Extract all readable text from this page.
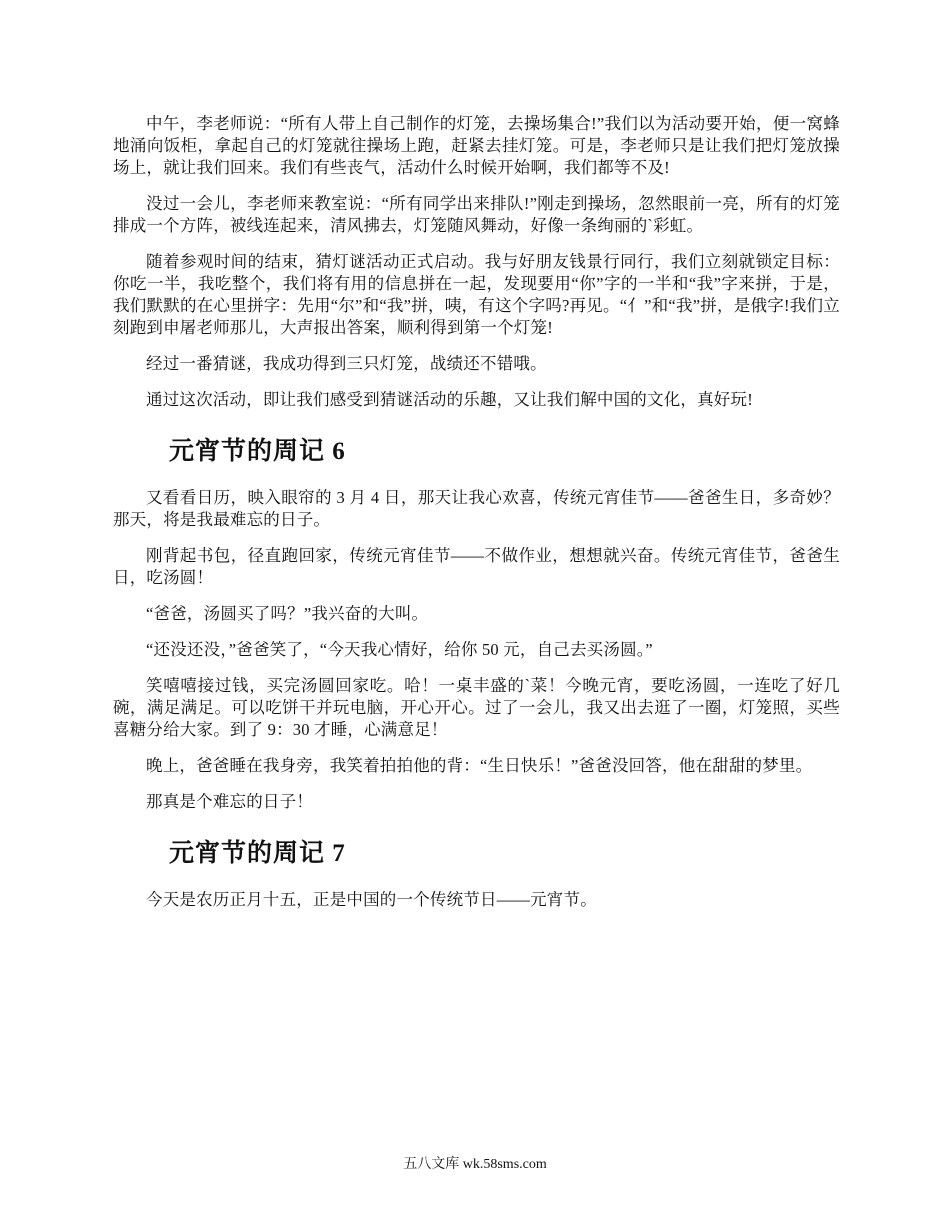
中午，李老师说：“所有人带上自己制作的灯笼，去操场集合!”我们以为活动要开始，便一窝蜂地涌向饭柜，拿起自己的灯笼就往操场上跑，赶紧去挂灯笼。可是，李老师只是让我们把灯笼放操场上，就让我们回来。我们有些丧气，活动什么时候开始啊，我们都等不及!

没过一会儿，李老师来教室说：“所有同学出来排队!”刚走到操场，忽然眼前一亮，所有的灯笼排成一个方阵，被线连起来，清风拂去，灯笼随风舞动，好像一条绚丽的`彩虹。

随着参观时间的结束，猜灯谜活动正式启动。我与好朋友钱景行同行，我们立刻就锁定目标：你吃一半，我吃整个，我们将有用的信息拼在一起，发现要用“你”字的一半和“我”字来拼，于是，我们默默的在心里拼字：先用“尔”和“我”拼，咦，有这个字吗?再见。“亻”和“我”拼，是俄字!我们立刻跑到申屠老师那儿，大声报出答案，顺利得到第一个灯笼!

经过一番猜谜，我成功得到三只灯笼，战绩还不错哦。

通过这次活动，即让我们感受到猜谜活动的乐趣，又让我们解中国的文化，真好玩!

元宵节的周记 6

又看看日历，映入眼帘的 3 月 4 日，那天让我心欢喜，传统元宵佳节——爸爸生日，多奇妙？那天，将是我最难忘的日子。

刚背起书包，径直跑回家，传统元宵佳节——不做作业，想想就兴奋。传统元宵佳节，爸爸生日，吃汤圆！

“爸爸，汤圆买了吗？”我兴奋的大叫。

“还没还没，”爸爸笑了，“今天我心情好，给你 50 元，自己去买汤圆。”

笑嘻嘻接过钱，买完汤圆回家吃。哈！一桌丰盛的`菜！今晚元宵，要吃汤圆，一连吃了好几碗，满足满足。可以吃饼干并玩电脑，开心开心。过了一会儿，我又出去逛了一圈，灯笼照，买些喜糖分给大家。到了 9：30 才睡，心满意足！

晚上，爸爸睡在我身旁，我笑着拍拍他的背：“生日快乐！”爸爸没回答，他在甜甜的梦里。

那真是个难忘的日子！

元宵节的周记 7

今天是农历正月十五，正是中国的一个传统节日——元宵节。

五八文库 wk.58sms.com
